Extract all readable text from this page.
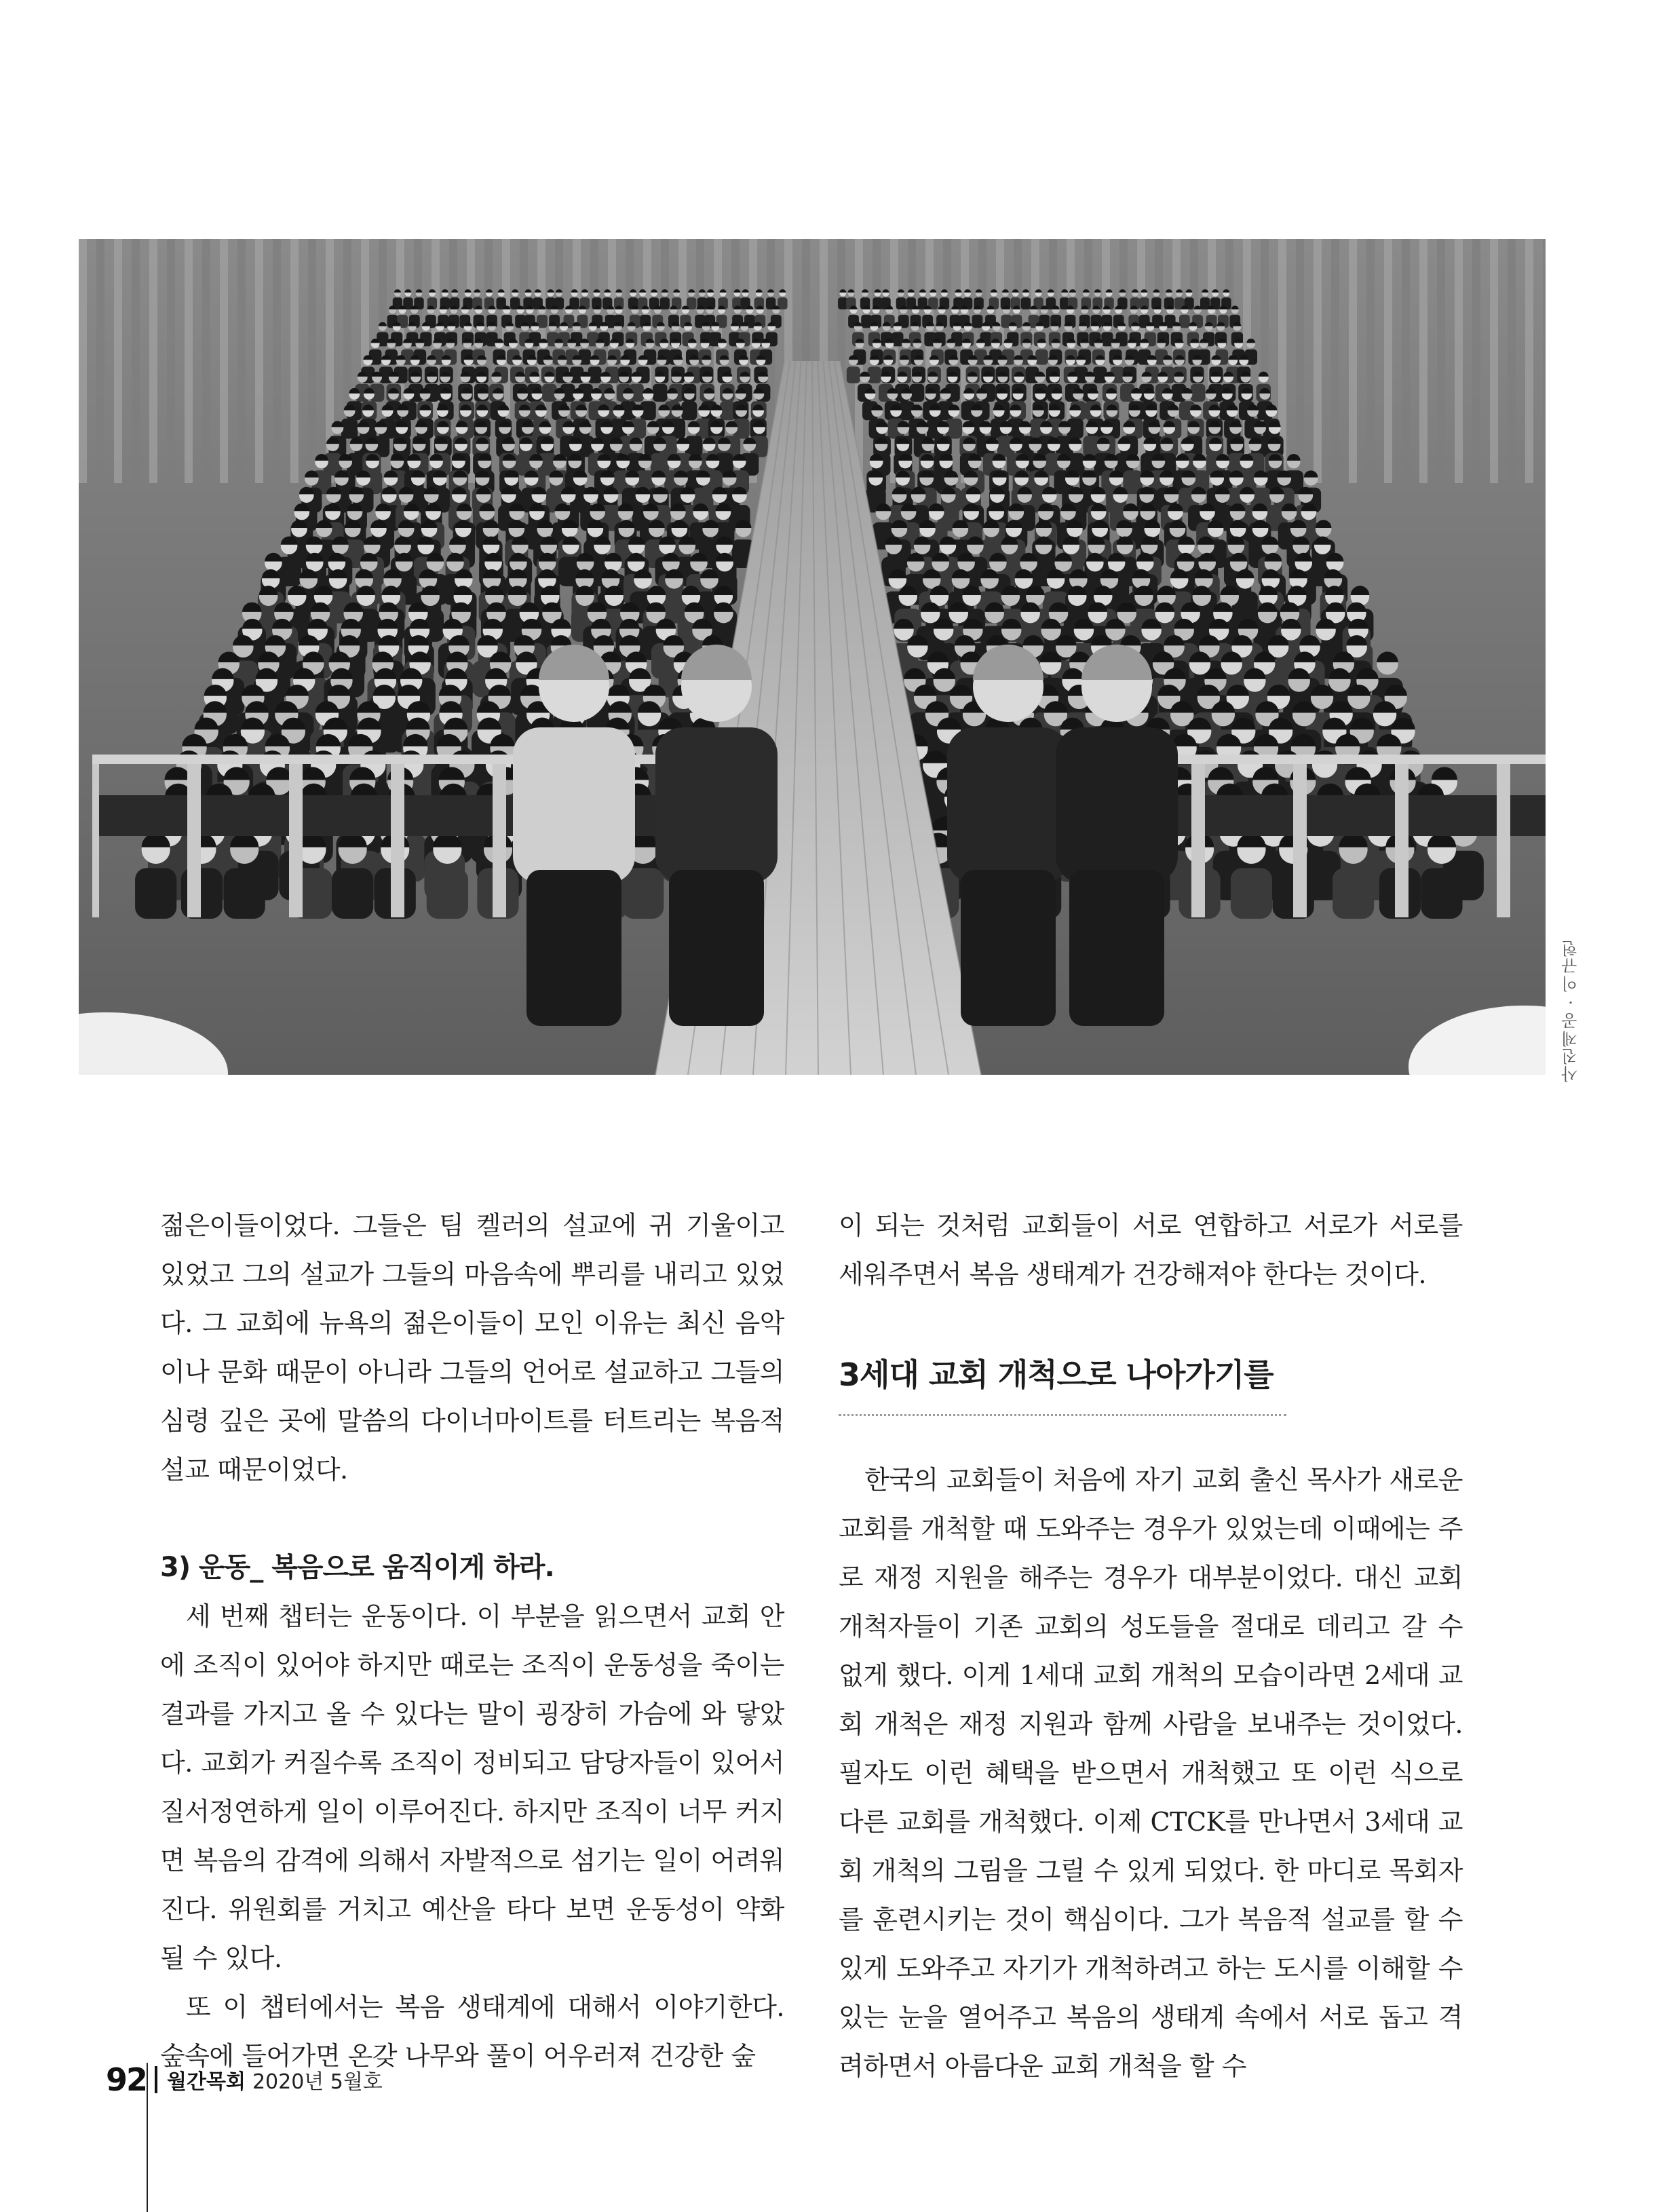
사진제공 · 이규헌

젊은이들이었다. 그들은 팀 켈러의 설교에 귀 기울이고 있었고 그의 설교가 그들의 마음속에 뿌리를 내리고 있었다. 그 교회에 뉴욕의 젊은이들이 모인 이유는 최신 음악이나 문화 때문이 아니라 그들의 언어로 설교하고 그들의 심령 깊은 곳에 말씀의 다이너마이트를 터트리는 복음적 설교 때문이었다.

3) 운동_ 복음으로 움직이게 하라.

세 번째 챕터는 운동이다. 이 부분을 읽으면서 교회 안에 조직이 있어야 하지만 때로는 조직이 운동성을 죽이는 결과를 가지고 올 수 있다는 말이 굉장히 가슴에 와 닿았다. 교회가 커질수록 조직이 정비되고 담당자들이 있어서 질서정연하게 일이 이루어진다. 하지만 조직이 너무 커지면 복음의 감격에 의해서 자발적으로 섬기는 일이 어려워진다. 위원회를 거치고 예산을 타다 보면 운동성이 약화될 수 있다.

또 이 챕터에서는 복음 생태계에 대해서 이야기한다. 숲속에 들어가면 온갖 나무와 풀이 어우러져 건강한 숲

이 되는 것처럼 교회들이 서로 연합하고 서로가 서로를 세워주면서 복음 생태계가 건강해져야 한다는 것이다.

3세대 교회 개척으로 나아가기를

한국의 교회들이 처음에 자기 교회 출신 목사가 새로운 교회를 개척할 때 도와주는 경우가 있었는데 이때에는 주로 재정 지원을 해주는 경우가 대부분이었다. 대신 교회 개척자들이 기존 교회의 성도들을 절대로 데리고 갈 수 없게 했다. 이게 1세대 교회 개척의 모습이라면 2세대 교회 개척은 재정 지원과 함께 사람을 보내주는 것이었다. 필자도 이런 혜택을 받으면서 개척했고 또 이런 식으로 다른 교회를 개척했다. 이제 CTCK를 만나면서 3세대 교회 개척의 그림을 그릴 수 있게 되었다. 한 마디로 목회자를 훈련시키는 것이 핵심이다. 그가 복음적 설교를 할 수 있게 도와주고 자기가 개척하려고 하는 도시를 이해할 수 있는 눈을 열어주고 복음의 생태계 속에서 서로 돕고 격려하면서 아름다운 교회 개척을 할 수

92 월간목회 2020년 5월호
